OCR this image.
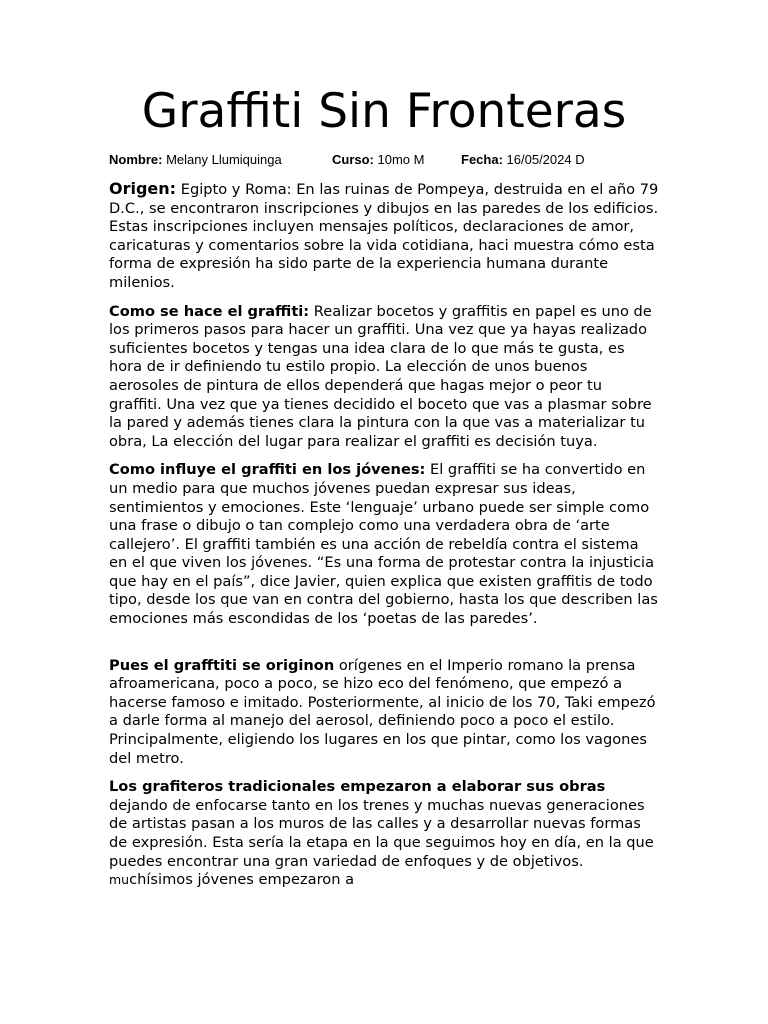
Graffiti Sin Fronteras
Nombre: Melany Llumiquinga	Curso: 10mo M	Fecha: 16/05/2024 D

Origen: Egipto y Roma: En las ruinas de Pompeya, destruida en el año 79 D.C., se encontraron inscripciones y dibujos en las paredes de los edificios. Estas inscripciones incluyen mensajes políticos, declaraciones de amor, caricaturas y comentarios sobre la vida cotidiana, haci muestra cómo esta forma de expresión ha sido parte de la experiencia humana durante milenios.

Como se hace el graffiti: Realizar bocetos y graffitis en papel es uno de los primeros pasos para hacer un graffiti. Una vez que ya hayas realizado suficientes bocetos y tengas una idea clara de lo que más te gusta, es hora de ir definiendo tu estilo propio. La elección de unos buenos aerosoles de pintura de ellos dependerá que hagas mejor o peor tu graffiti. Una vez que ya tienes decidido el boceto que vas a plasmar sobre la pared y además tienes clara la pintura con la que vas a materializar tu obra, La elección del lugar para realizar el graffiti es decisión tuya.

Como influye el graffiti en los jóvenes: El graffiti se ha convertido en un medio para que muchos jóvenes puedan expresar sus ideas, sentimientos y emociones. Este ‘lenguaje’ urbano puede ser simple como una frase o dibujo o tan complejo como una verdadera obra de ‘arte callejero’. El graffiti también es una acción de rebeldía contra el sistema en el que viven los jóvenes. “Es una forma de protestar contra la injusticia que hay en el país”, dice Javier, quien explica que existen graffitis de todo tipo, desde los que van en contra del gobierno, hasta los que describen las emociones más escondidas de los ‘poetas de las paredes’.

Pues el grafftiti se originon orígenes en el Imperio romano la prensa afroamericana, poco a poco, se hizo eco del fenómeno, que empezó a hacerse famoso e imitado. Posteriormente, al inicio de los 70, Taki empezó a darle forma al manejo del aerosol, definiendo poco a poco el estilo. Principalmente, eligiendo los lugares en los que pintar, como los vagones del metro.

Los grafiteros tradicionales empezaron a elaborar sus obras dejando de enfocarse tanto en los trenes y muchas nuevas generaciones de artistas pasan a los muros de las calles y a desarrollar nuevas formas de expresión. Esta sería la etapa en la que seguimos hoy en día, en la que puedes encontrar una gran variedad de enfoques y de objetivos. muchísimos jóvenes empezaron a
